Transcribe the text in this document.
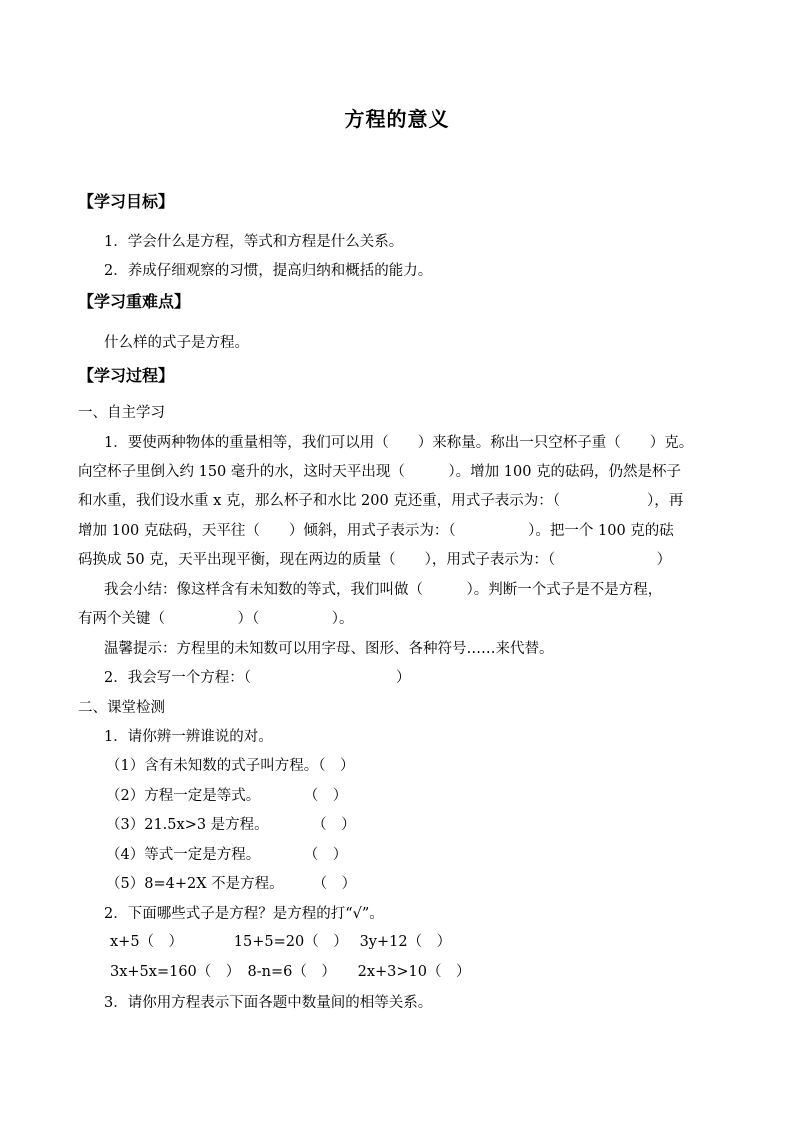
方程的意义
【学习目标】
1．学会什么是方程，等式和方程是什么关系。
2．养成仔细观察的习惯，提高归纳和概括的能力。
【学习重难点】
什么样的式子是方程。
【学习过程】
一、自主学习
1．要使两种物体的重量相等，我们可以用（　　）来称量。称出一只空杯子重（　　）克。
向空杯子里倒入约 150 毫升的水，这时天平出现（　　　）。增加 100 克的砝码，仍然是杯子
和水重，我们设水重 x 克，那么杯子和水比 200 克还重，用式子表示为：（　　　　　　），再
增加 100 克砝码，天平往（　　）倾斜，用式子表示为：（　　　　　）。把一个 100 克的砝
码换成 50 克，天平出现平衡，现在两边的质量（　　），用式子表示为：（　　　　　　　）
我会小结：像这样含有未知数的等式，我们叫做（　　　）。判断一个式子是不是方程，
有两个关键（　　　　　）（　　　　　）。
温馨提示：方程里的未知数可以用字母、图形、各种符号……来代替。
2．我会写一个方程：（　　　　　　　　　　）
二、课堂检测
1．请你辨一辨谁说的对。
（1）含有未知数的式子叫方程。（　）
（2）方程一定是等式。　　　　（　）
（3）21.5x>3 是方程。　　　　（　）
（4）等式一定是方程。　　　　（　）
（5）8=4+2X 不是方程。　　　（　）
2．下面哪些式子是方程？是方程的打“√”。
x+5（　）　　　　15+5=20（　）　 3y+12（　）
3x+5x=160（　）　8-n=6（　）　　2x+3>10（　）
3．请你用方程表示下面各题中数量间的相等关系。
